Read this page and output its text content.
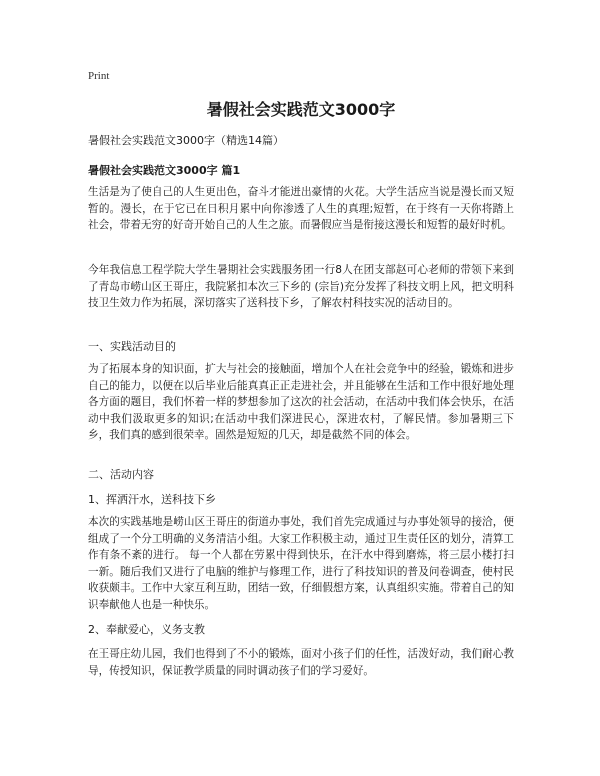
Print
暑假社会实践范文3000字

暑假社会实践范文3000字（精选14篇）

暑假社会实践范文3000字 篇1

生活是为了使自己的人生更出色，奋斗才能迸出豪情的火花。大学生活应当说是漫长而又短暂的。漫长，在于它已在日积月累中向你渗透了人生的真理;短暂，在于终有一天你将踏上社会，带着无穷的好奇开始自己的人生之旅。而暑假应当是衔接这漫长和短暂的最好时机。

今年我信息工程学院大学生暑期社会实践服务团一行8人在团支部赵可心老师的带领下来到了青岛市崂山区王哥庄，我院紧扣本次三下乡的 (宗旨)充分发挥了科技文明上风，把文明科技卫生效力作为拓展，深切落实了送科技下乡，了解农村科技实况的活动目的。

一、实践活动目的

为了拓展本身的知识面，扩大与社会的接触面，增加个人在社会竞争中的经验，锻炼和进步自己的能力，以便在以后毕业后能真真正正走进社会，并且能够在生活和工作中很好地处理各方面的题目，我们怀着一样的梦想参加了这次的社会活动，在活动中我们体会快乐，在活动中我们汲取更多的知识;在活动中我们深进民心，深进农村，了解民情。参加暑期三下乡，我们真的感到很荣幸。固然是短短的几天，却是截然不同的体会。

二、活动内容

1、挥洒汗水，送科技下乡

本次的实践基地是崂山区王哥庄的街道办事处，我们首先完成通过与办事处领导的接洽，便组成了一个分工明确的义务清洁小组。大家工作积极主动，通过卫生责任区的划分，清算工作有条不紊的进行。 每一个人都在劳累中得到快乐，在汗水中得到磨炼，将三层小楼打扫一新。随后我们又进行了电脑的维护与修理工作，进行了科技知识的普及问卷调查，使村民收获颇丰。工作中大家互利互助，团结一致，仔细假想方案，认真组织实施。带着自己的知识奉献他人也是一种快乐。

2、奉献爱心，义务支教

在王哥庄幼儿园，我们也得到了不小的锻炼，面对小孩子们的任性，活泼好动，我们耐心教导，传授知识，保证教学质量的同时调动孩子们的学习爱好。
